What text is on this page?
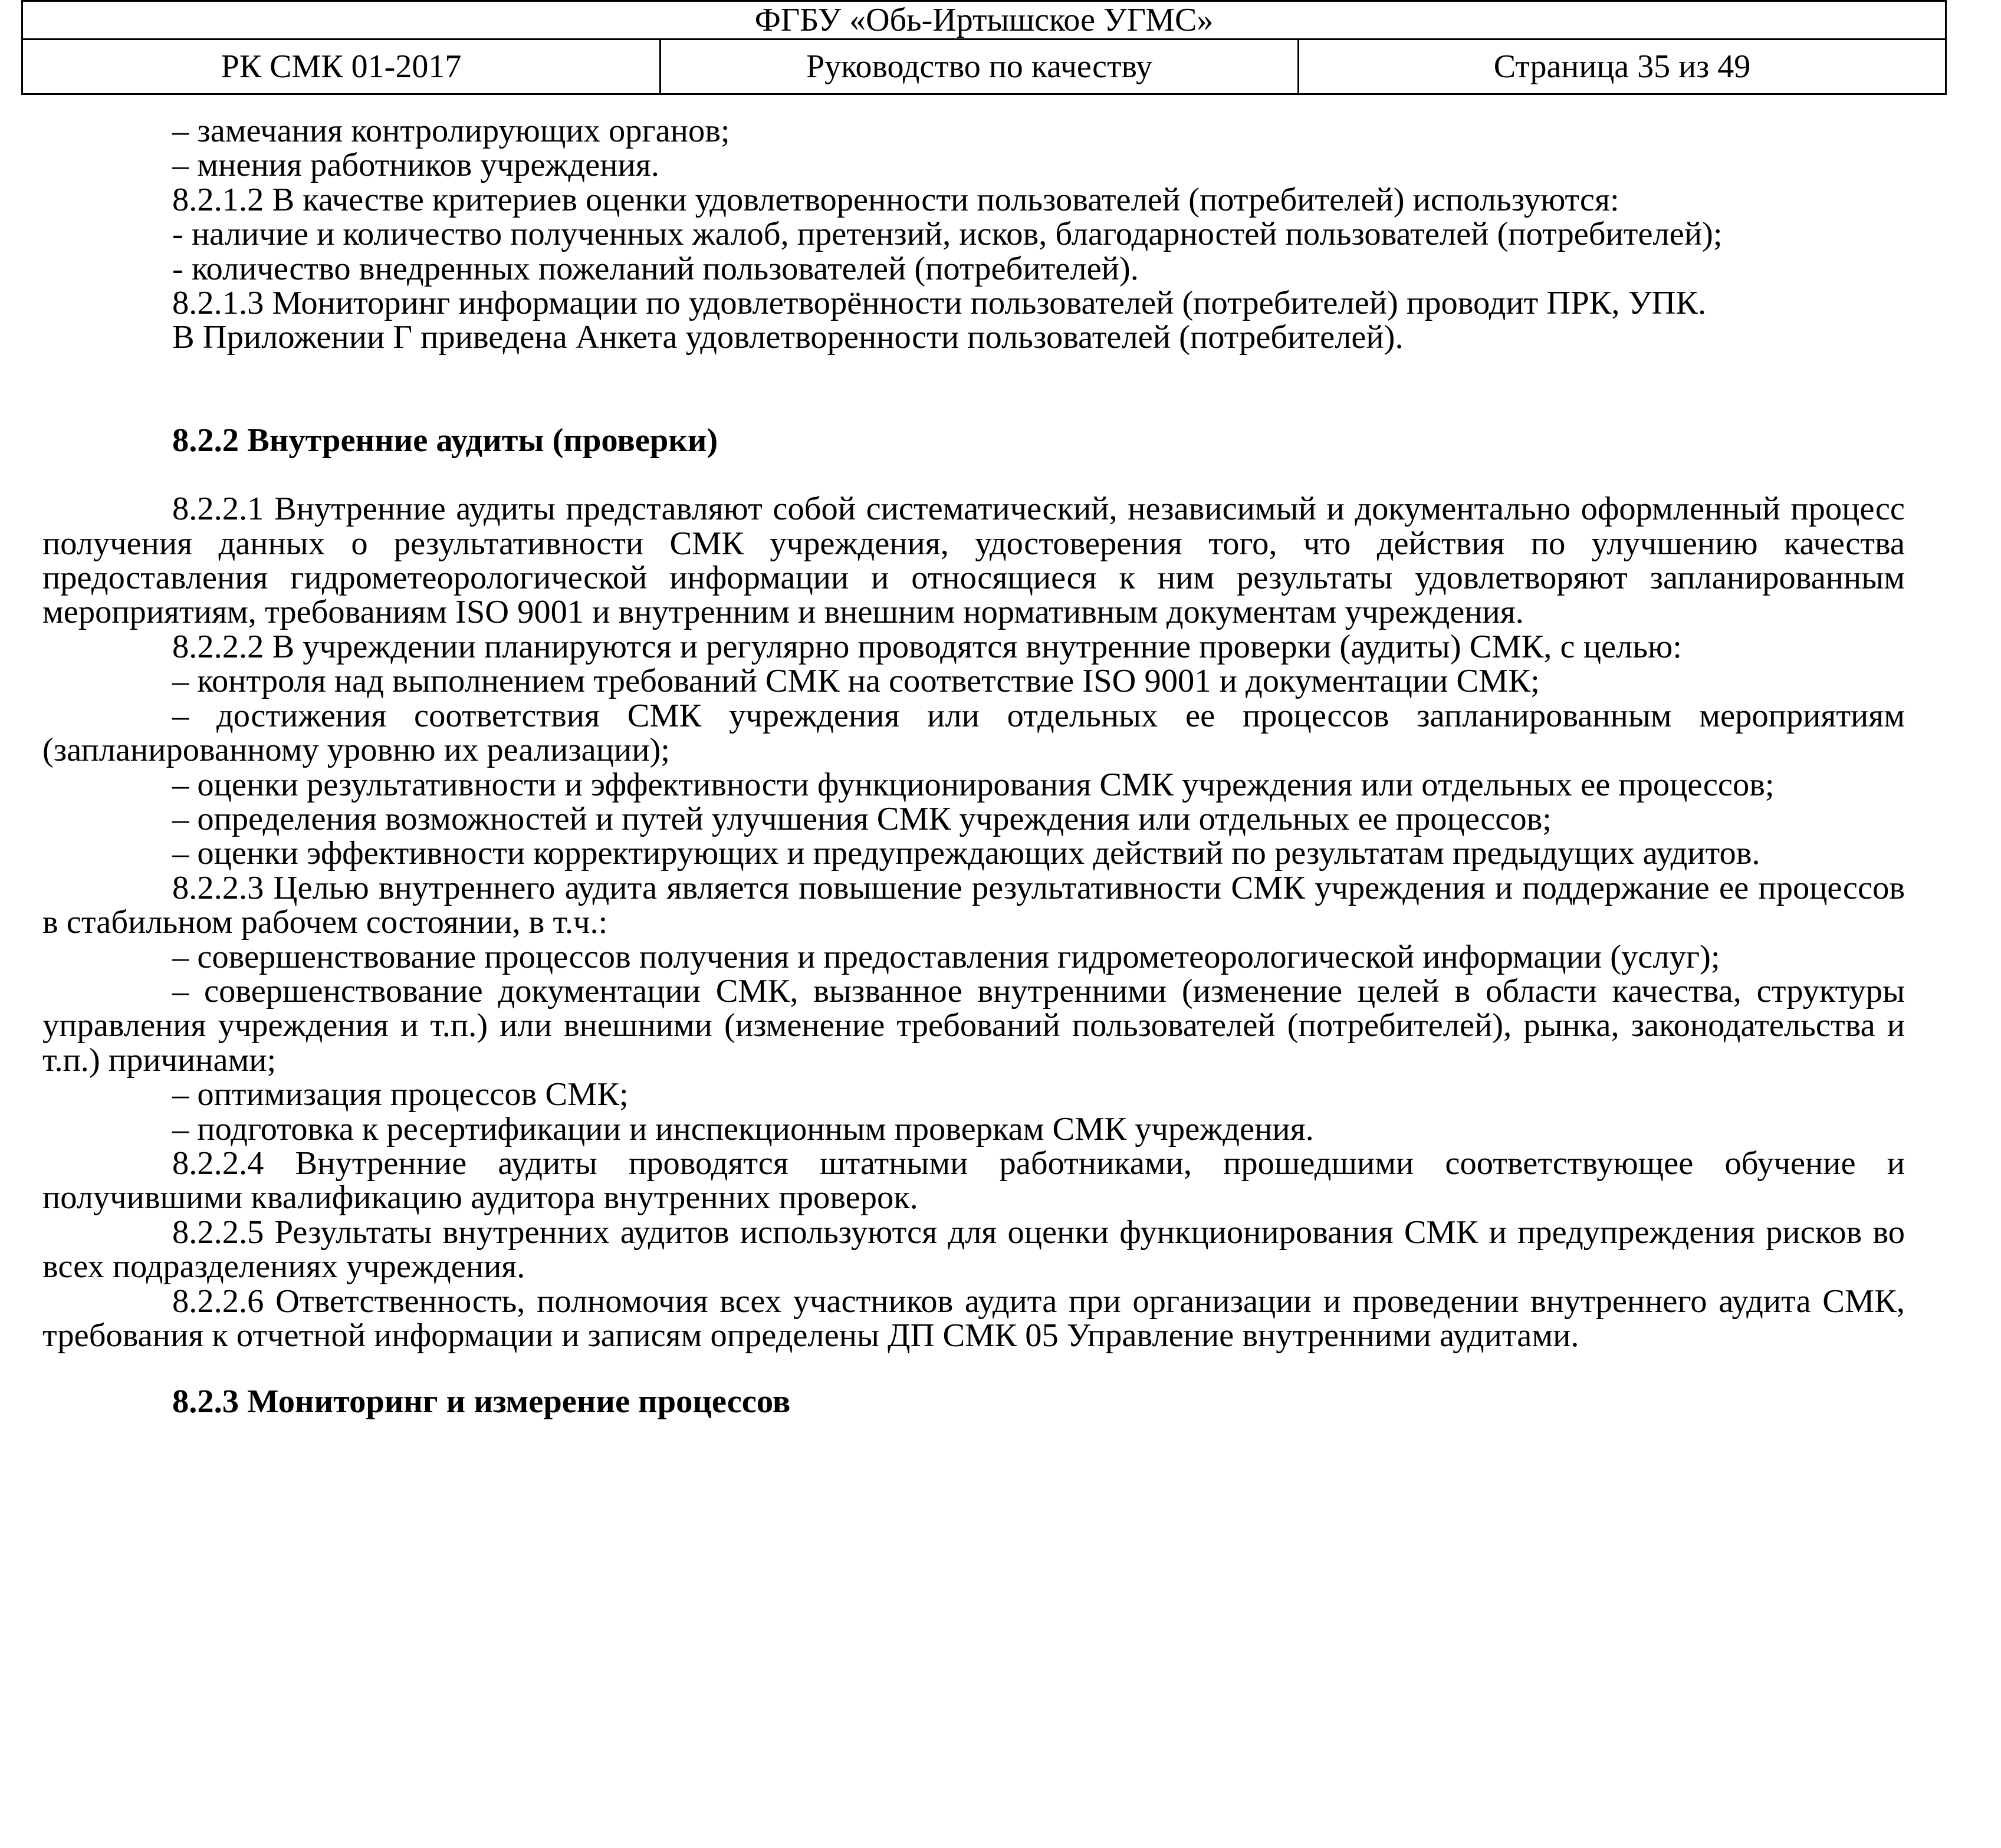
ФГБУ «Обь-Иртышское УГМС»
РК СМК 01-2017	Руководство по качеству	Страница 35 из 49

– замечания контролирующих органов;

– мнения работников учреждения.

8.2.1.2 В качестве критериев оценки удовлетворенности пользователей (потребителей) используются:

- наличие и количество полученных жалоб, претензий, исков, благодарностей пользователей (потребителей);

- количество внедренных пожеланий пользователей (потребителей).

8.2.1.3 Мониторинг информации по удовлетворённости пользователей (потребителей) проводит ПРК, УПК.

В Приложении Г приведена Анкета удовлетворенности пользователей (потребителей).

8.2.2 Внутренние аудиты (проверки)

8.2.2.1 Внутренние аудиты представляют собой систематический, независимый и документально оформленный процесс получения данных о результативности СМК учреждения, удостоверения того, что действия по улучшению качества предоставления гидрометеорологической информации и относящиеся к ним результаты удовлетворяют запланированным мероприятиям, требованиям ISO 9001 и внутренним и внешним нормативным документам учреждения.

8.2.2.2 В учреждении планируются и регулярно проводятся внутренние проверки (аудиты) СМК, с целью:

– контроля над выполнением требований СМК на соответствие ISO 9001 и документации СМК;

– достижения соответствия СМК учреждения или отдельных ее процессов запланированным мероприятиям (запланированному уровню их реализации);

– оценки результативности и эффективности функционирования СМК учреждения или отдельных ее процессов;

– определения возможностей и путей улучшения СМК учреждения или отдельных ее процессов;

– оценки эффективности корректирующих и предупреждающих действий по результатам предыдущих аудитов.

8.2.2.3 Целью внутреннего аудита является повышение результативности СМК учреждения и поддержание ее процессов в стабильном рабочем состоянии, в т.ч.:

– совершенствование процессов получения и предоставления гидрометеорологической информации (услуг);

– совершенствование документации СМК, вызванное внутренними (изменение целей в области качества, структуры управления учреждения и т.п.) или внешними (изменение требований пользователей (потребителей), рынка, законодательства и т.п.) причинами;

– оптимизация процессов СМК;

– подготовка к ресертификации и инспекционным проверкам СМК учреждения.

8.2.2.4 Внутренние аудиты проводятся штатными работниками, прошедшими соответствующее обучение и получившими квалификацию аудитора внутренних проверок.

8.2.2.5 Результаты внутренних аудитов используются для оценки функционирования СМК и предупреждения рисков во всех подразделениях учреждения.

8.2.2.6 Ответственность, полномочия всех участников аудита при организации и проведении внутреннего аудита СМК, требования к отчетной информации и записям определены ДП СМК 05 Управление внутренними аудитами.

8.2.3 Мониторинг и измерение процессов
